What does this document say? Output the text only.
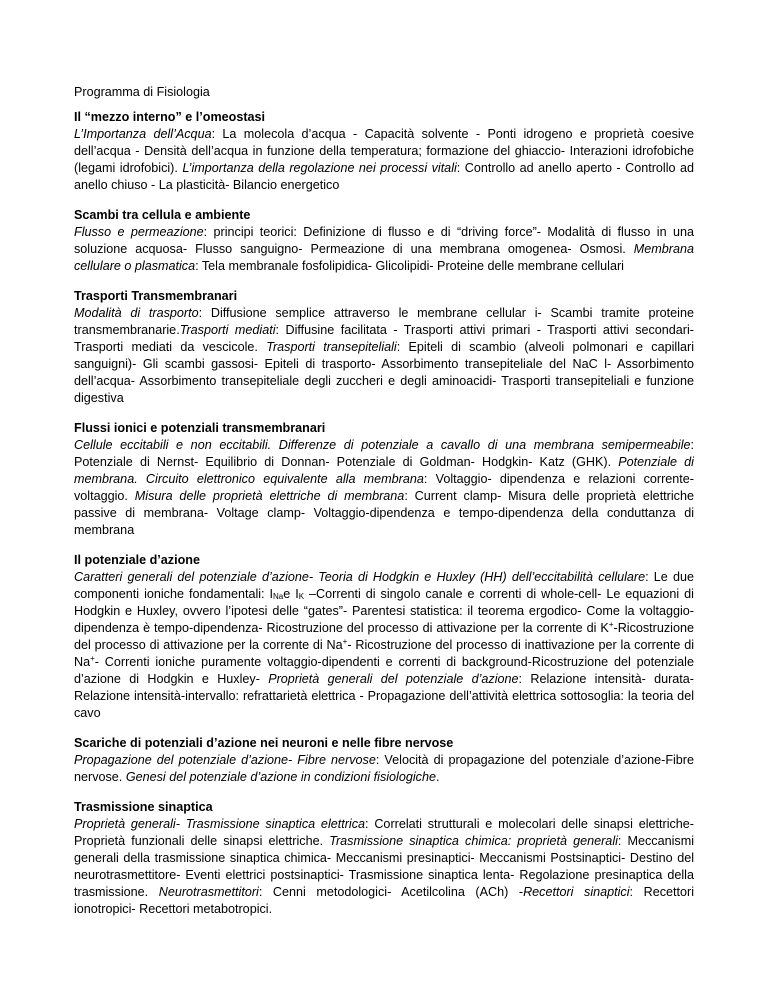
Programma di Fisiologia
Il “mezzo interno” e l’omeostasi

L’Importanza dell’Acqua: La molecola d’acqua - Capacità solvente - Ponti idrogeno e proprietà coesive dell’acqua - Densità dell’acqua in funzione della temperatura; formazione del ghiaccio- Interazioni idrofobiche (legami idrofobici). L’importanza della regolazione nei processi vitali: Controllo ad anello aperto - Controllo ad anello chiuso - La plasticità- Bilancio energetico

Scambi tra cellula e ambiente

Flusso e permeazione: principi teorici: Definizione di flusso e di “driving force”- Modalità di flusso in una soluzione acquosa- Flusso sanguigno- Permeazione di una membrana omogenea- Osmosi. Membrana cellulare o plasmatica: Tela membranale fosfolipidica- Glicolipidi- Proteine delle membrane cellulari

Trasporti Transmembranari

Modalità di trasporto: Diffusione semplice attraverso le membrane cellular i- Scambi tramite proteine transmembranarie.Trasporti mediati: Diffusine facilitata - Trasporti attivi primari - Trasporti attivi secondari-Trasporti mediati da vescicole. Trasporti transepiteliali: Epiteli di scambio (alveoli polmonari e capillari sanguigni)- Gli scambi gassosi- Epiteli di trasporto- Assorbimento transepiteliale del NaC l- Assorbimento dell’acqua- Assorbimento transepiteliale degli zuccheri e degli aminoacidi- Trasporti transepiteliali e funzione digestiva

Flussi ionici e potenziali transmembranari

Cellule eccitabili e non eccitabili. Differenze di potenziale a cavallo di una membrana semipermeabile: Potenziale di Nernst- Equilibrio di Donnan- Potenziale di Goldman- Hodgkin- Katz (GHK). Potenziale di membrana. Circuito elettronico equivalente alla membrana: Voltaggio- dipendenza e relazioni corrente-voltaggio. Misura delle proprietà elettriche di membrana: Current clamp- Misura delle proprietà elettriche passive di membrana- Voltage clamp- Voltaggio-dipendenza e tempo-dipendenza della conduttanza di membrana

Il potenziale d’azione

Caratteri generali del potenziale d’azione- Teoria di Hodgkin e Huxley (HH) dell’eccitabilità cellulare: Le due componenti ioniche fondamentali: $I_{Na}e$ $I_K$ –Correnti di singolo canale e correnti di whole-cell- Le equazioni di Hodgkin e Huxley, ovvero l’ipotesi delle “gates”- Parentesi statistica: il teorema ergodico- Come la voltaggio-dipendenza è tempo-dipendenza- Ricostruzione del processo di attivazione per la corrente di K+-Ricostruzione del processo di attivazione per la corrente di Na+- Ricostruzione del processo di inattivazione per la corrente di Na+- Correnti ioniche puramente voltaggio-dipendenti e correnti di background-Ricostruzione del potenziale d’azione di Hodgkin e Huxley- Proprietà generali del potenziale d’azione: Relazione intensità- durata- Relazione intensità-intervallo: refrattarietà elettrica - Propagazione dell’attività elettrica sottosoglia: la teoria del cavo

Scariche di potenziali d’azione nei neuroni e nelle fibre nervose

Propagazione del potenziale d’azione- Fibre nervose: Velocità di propagazione del potenziale d’azione-Fibre nervose. Genesi del potenziale d’azione in condizioni fisiologiche.

Trasmissione sinaptica

Proprietà generali- Trasmissione sinaptica elettrica: Correlati strutturali e molecolari delle sinapsi elettriche-Proprietà funzionali delle sinapsi elettriche. Trasmissione sinaptica chimica: proprietà generali: Meccanismi generali della trasmissione sinaptica chimica- Meccanismi presinaptici- Meccanismi Postsinaptici- Destino del neurotrasmettitore- Eventi elettrici postsinaptici- Trasmissione sinaptica lenta- Regolazione presinaptica della trasmissione. Neurotrasmettitori: Cenni metodologici- Acetilcolina (ACh) -Recettori sinaptici: Recettori ionotropici- Recettori metabotropici.
